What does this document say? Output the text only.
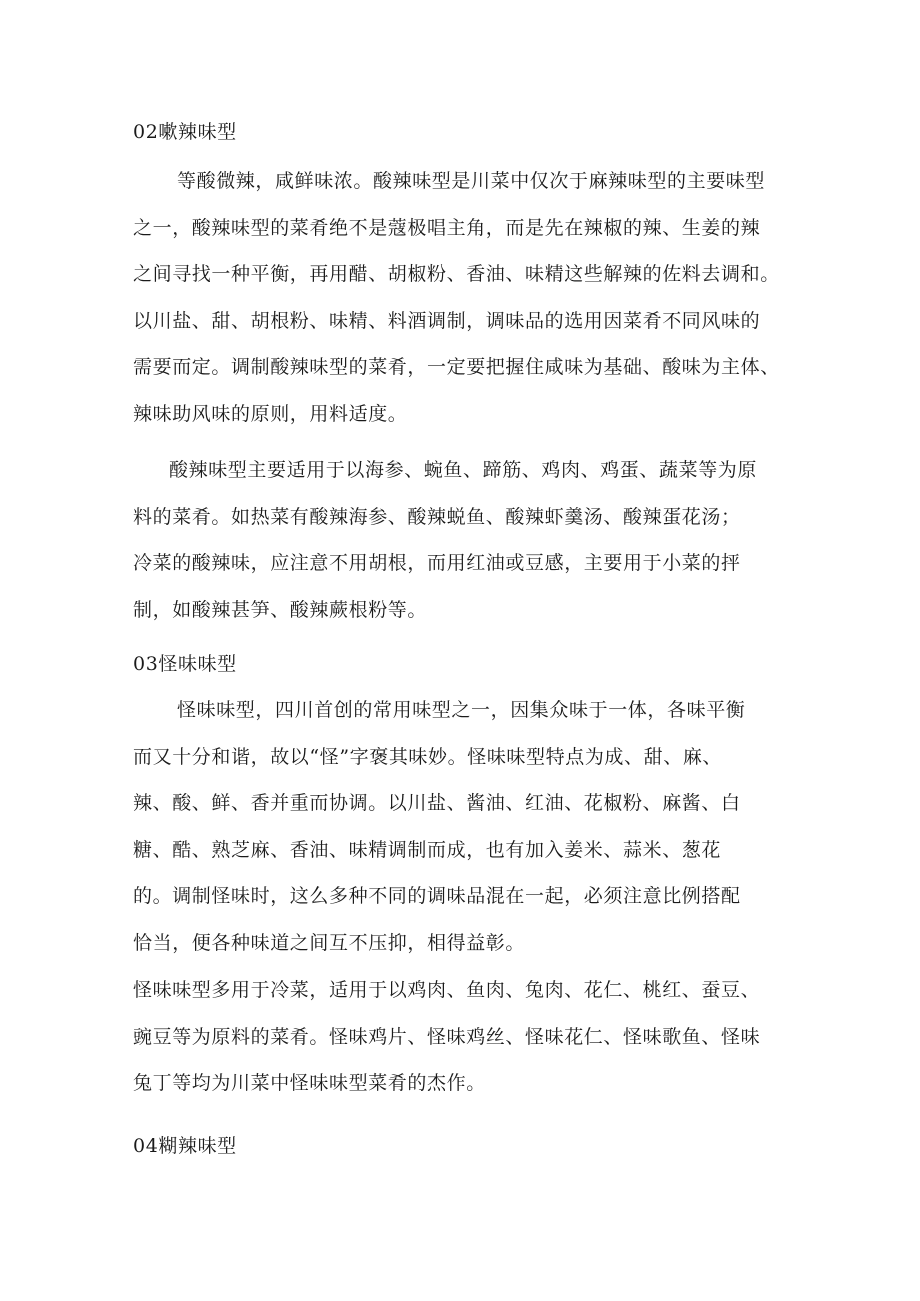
02嗽辣味型
等酸微辣，咸鲜味浓。酸辣味型是川菜中仅次于麻辣味型的主要味型
之一，酸辣味型的菜肴绝不是蔻极唱主角，而是先在辣椒的辣、生姜的辣
之间寻找一种平衡，再用醋、胡椒粉、香油、味精这些解辣的佐料去调和。
以川盐、甜、胡根粉、味精、料酒调制，调味品的选用因菜肴不同风味的
需要而定。调制酸辣味型的菜肴，一定要把握住咸味为基础、酸味为主体、
辣味助风味的原则，用料适度。
酸辣味型主要适用于以海参、蜿鱼、蹄筋、鸡肉、鸡蛋、蔬菜等为原
料的菜肴。如热菜有酸辣海参、酸辣蜕鱼、酸辣虾羹汤、酸辣蛋花汤；
冷菜的酸辣味，应注意不用胡根，而用红油或豆感，主要用于小菜的抨
制，如酸辣甚笋、酸辣蕨根粉等。
03怪味味型
怪味味型，四川首创的常用味型之一，因集众味于一体，各味平衡
而又十分和谐，故以“怪”字褒其味妙。怪味味型特点为成、甜、麻、
辣、酸、鲜、香并重而协调。以川盐、酱油、红油、花椒粉、麻酱、白
糖、酷、熟芝麻、香油、味精调制而成，也有加入姜米、蒜米、葱花
的。调制怪味时，这么多种不同的调味品混在一起，必须注意比例搭配
恰当，便各种味道之间互不压抑，相得益彰。
怪味味型多用于冷菜，适用于以鸡肉、鱼肉、兔肉、花仁、桃红、蚕豆、
豌豆等为原料的菜肴。怪味鸡片、怪味鸡丝、怪味花仁、怪味歌鱼、怪味
兔丁等均为川菜中怪味味型菜肴的杰作。
04糊辣味型
